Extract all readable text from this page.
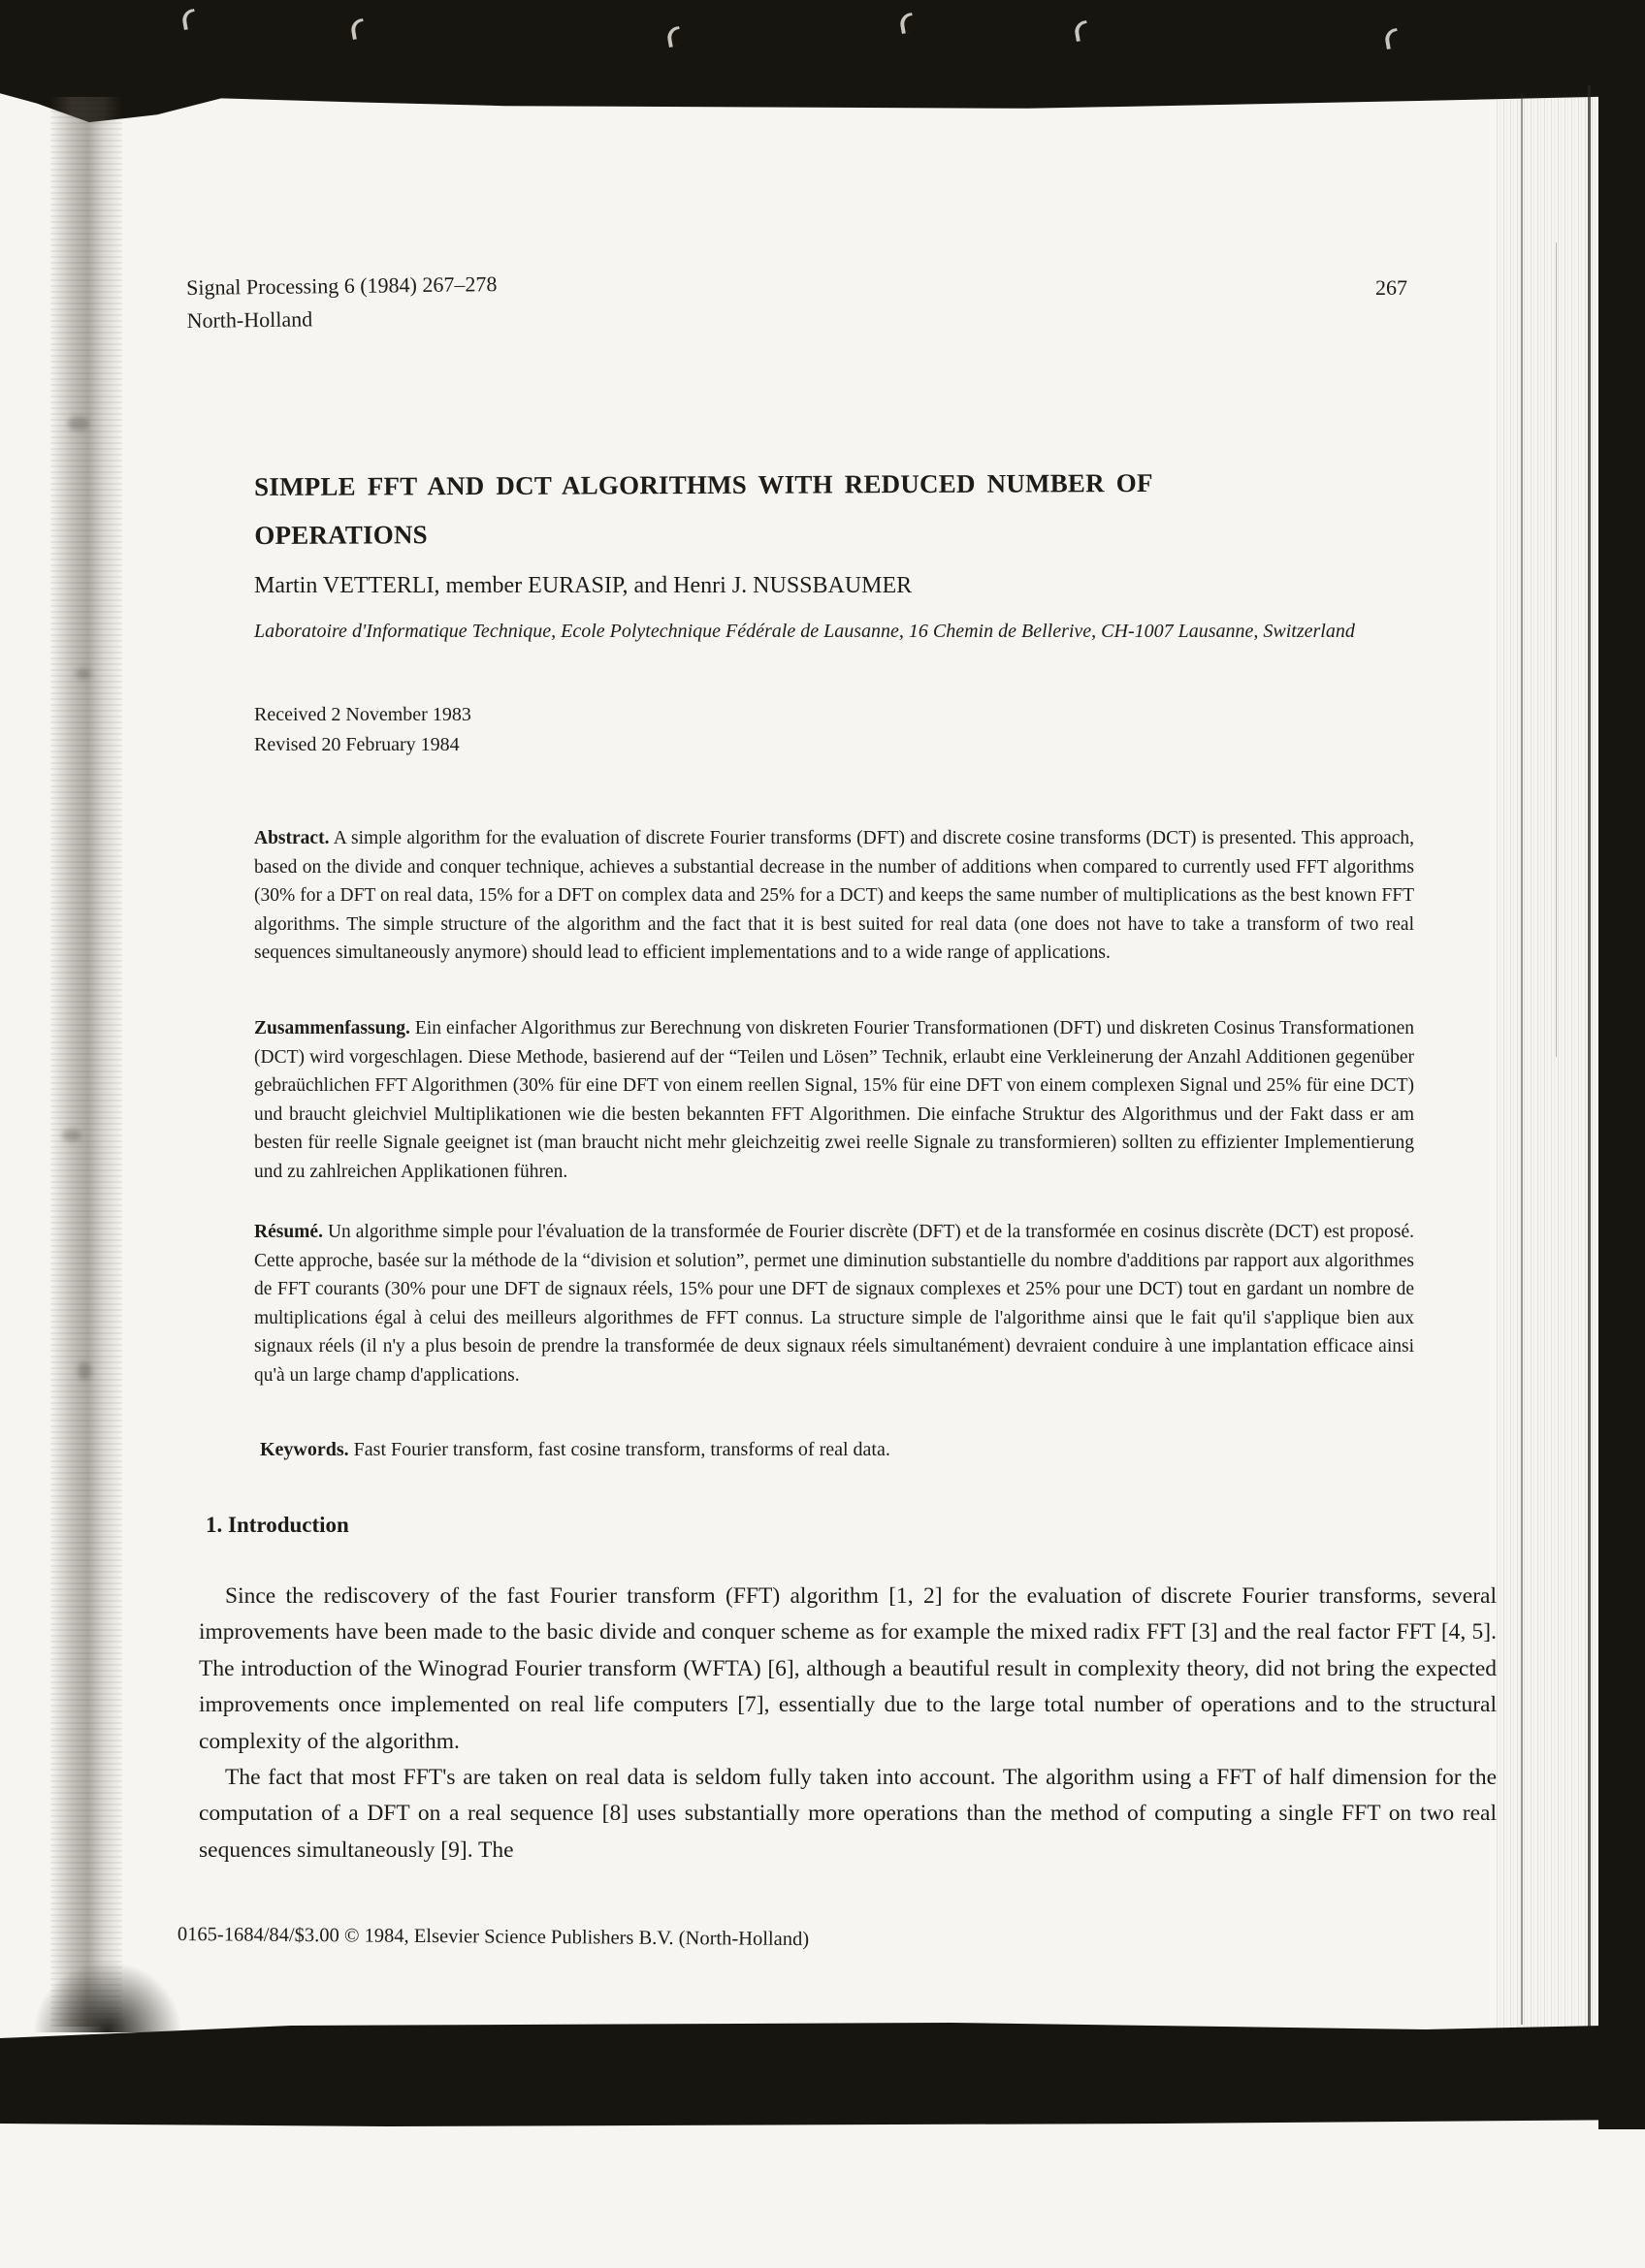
Signal Processing 6 (1984) 267–278
North-Holland
267
SIMPLE FFT AND DCT ALGORITHMS WITH REDUCED NUMBER OF OPERATIONS
Martin VETTERLI, member EURASIP, and Henri J. NUSSBAUMER
Laboratoire d'Informatique Technique, Ecole Polytechnique Fédérale de Lausanne, 16 Chemin de Bellerive, CH-1007 Lausanne, Switzerland
Received 2 November 1983
Revised 20 February 1984
Abstract. A simple algorithm for the evaluation of discrete Fourier transforms (DFT) and discrete cosine transforms (DCT) is presented. This approach, based on the divide and conquer technique, achieves a substantial decrease in the number of additions when compared to currently used FFT algorithms (30% for a DFT on real data, 15% for a DFT on complex data and 25% for a DCT) and keeps the same number of multiplications as the best known FFT algorithms. The simple structure of the algorithm and the fact that it is best suited for real data (one does not have to take a transform of two real sequences simultaneously anymore) should lead to efficient implementations and to a wide range of applications.
Zusammenfassung. Ein einfacher Algorithmus zur Berechnung von diskreten Fourier Transformationen (DFT) und diskreten Cosinus Transformationen (DCT) wird vorgeschlagen. Diese Methode, basierend auf der “Teilen und Lösen” Technik, erlaubt eine Verkleinerung der Anzahl Additionen gegenüber gebraüchlichen FFT Algorithmen (30% für eine DFT von einem reellen Signal, 15% für eine DFT von einem complexen Signal und 25% für eine DCT) und braucht gleichviel Multiplikationen wie die besten bekannten FFT Algorithmen. Die einfache Struktur des Algorithmus und der Fakt dass er am besten für reelle Signale geeignet ist (man braucht nicht mehr gleichzeitig zwei reelle Signale zu transformieren) sollten zu effizienter Implementierung und zu zahlreichen Applikationen führen.
Résumé. Un algorithme simple pour l'évaluation de la transformée de Fourier discrète (DFT) et de la transformée en cosinus discrète (DCT) est proposé. Cette approche, basée sur la méthode de la “division et solution”, permet une diminution substantielle du nombre d'additions par rapport aux algorithmes de FFT courants (30% pour une DFT de signaux réels, 15% pour une DFT de signaux complexes et 25% pour une DCT) tout en gardant un nombre de multiplications égal à celui des meilleurs algorithmes de FFT connus. La structure simple de l'algorithme ainsi que le fait qu'il s'applique bien aux signaux réels (il n'y a plus besoin de prendre la transformée de deux signaux réels simultanément) devraient conduire à une implantation efficace ainsi qu'à un large champ d'applications.
Keywords. Fast Fourier transform, fast cosine transform, transforms of real data.
1. Introduction

Since the rediscovery of the fast Fourier transform (FFT) algorithm [1, 2] for the evaluation of discrete Fourier transforms, several improvements have been made to the basic divide and conquer scheme as for example the mixed radix FFT [3] and the real factor FFT [4, 5]. The introduction of the Winograd Fourier transform (WFTA) [6], although a beautiful result in complexity theory, did not bring the expected improvements once implemented on real life computers [7], essentially due to the large total number of operations and to the structural complexity of the algorithm.

The fact that most FFT's are taken on real data is seldom fully taken into account. The algorithm using a FFT of half dimension for the computation of a DFT on a real sequence [8] uses substantially more operations than the method of computing a single FFT on two real sequences simultaneously [9]. The

0165-1684/84/$3.00 © 1984, Elsevier Science Publishers B.V. (North-Holland)
